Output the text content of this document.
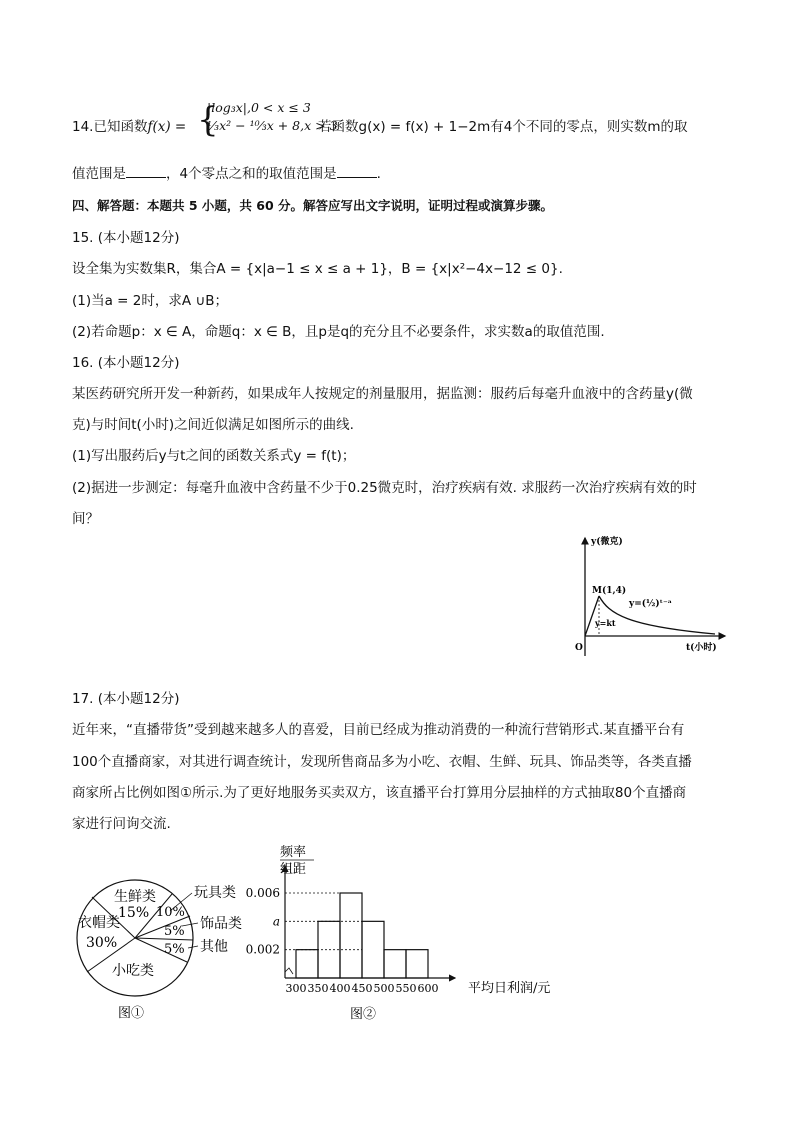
14.已知函数f(x) = {
|log₃x|,0 < x ≤ 3
⅓x² − ¹⁰⁄₃x + 8,x > 3
若函数g(x) = f(x) + 1−2m有4个不同的零点，则实数m的取
值范围是	，4个零点之和的取值范围是	.
四、解答题：本题共 5 小题，共 60 分。解答应写出文字说明，证明过程或演算步骤。
15. (本小题12分)
设全集为实数集R，集合A = {x|a−1 ≤ x ≤ a + 1}，B = {x|x²−4x−12 ≤ 0}.
(1)当a = 2时，求A ∪B；
(2)若命题p：x ∈ A，命题q：x ∈ B，且p是q的充分且不必要条件，求实数a的取值范围.
16. (本小题12分)
某医药研究所开发一种新药，如果成年人按规定的剂量服用，据监测：服药后每毫升血液中的含药量y(微
克)与时间t(小时)之间近似满足如图所示的曲线.
(1)写出服药后y与t之间的函数关系式y = f(t)；
(2)据进一步测定：每毫升血液中含药量不少于0.25微克时，治疗疾病有效. 求服药一次治疗疾病有效的时
间？
y(微克)
t(小时)
O
M(1,4)
y=(½)ᵗ⁻ᵃ
y=kt
17. (本小题12分)
近年来，“直播带货”受到越来越多人的喜爱，目前已经成为推动消费的一种流行营销形式.某直播平台有
100个直播商家，对其进行调查统计，发现所售商品多为小吃、衣帽、生鲜、玩具、饰品类等，各类直播
商家所占比例如图①所示.为了更好地服务买卖双方，该直播平台打算用分层抽样的方式抽取80个直播商
家进行问询交流.
生鲜类
15% 10%
玩具类
5% 饰品类
5% 其他
小吃类
衣帽类
30%
图①
频率
组距
300 350 400 450 500 550 600
0.006
a
0.002
平均日利润/元
图②
